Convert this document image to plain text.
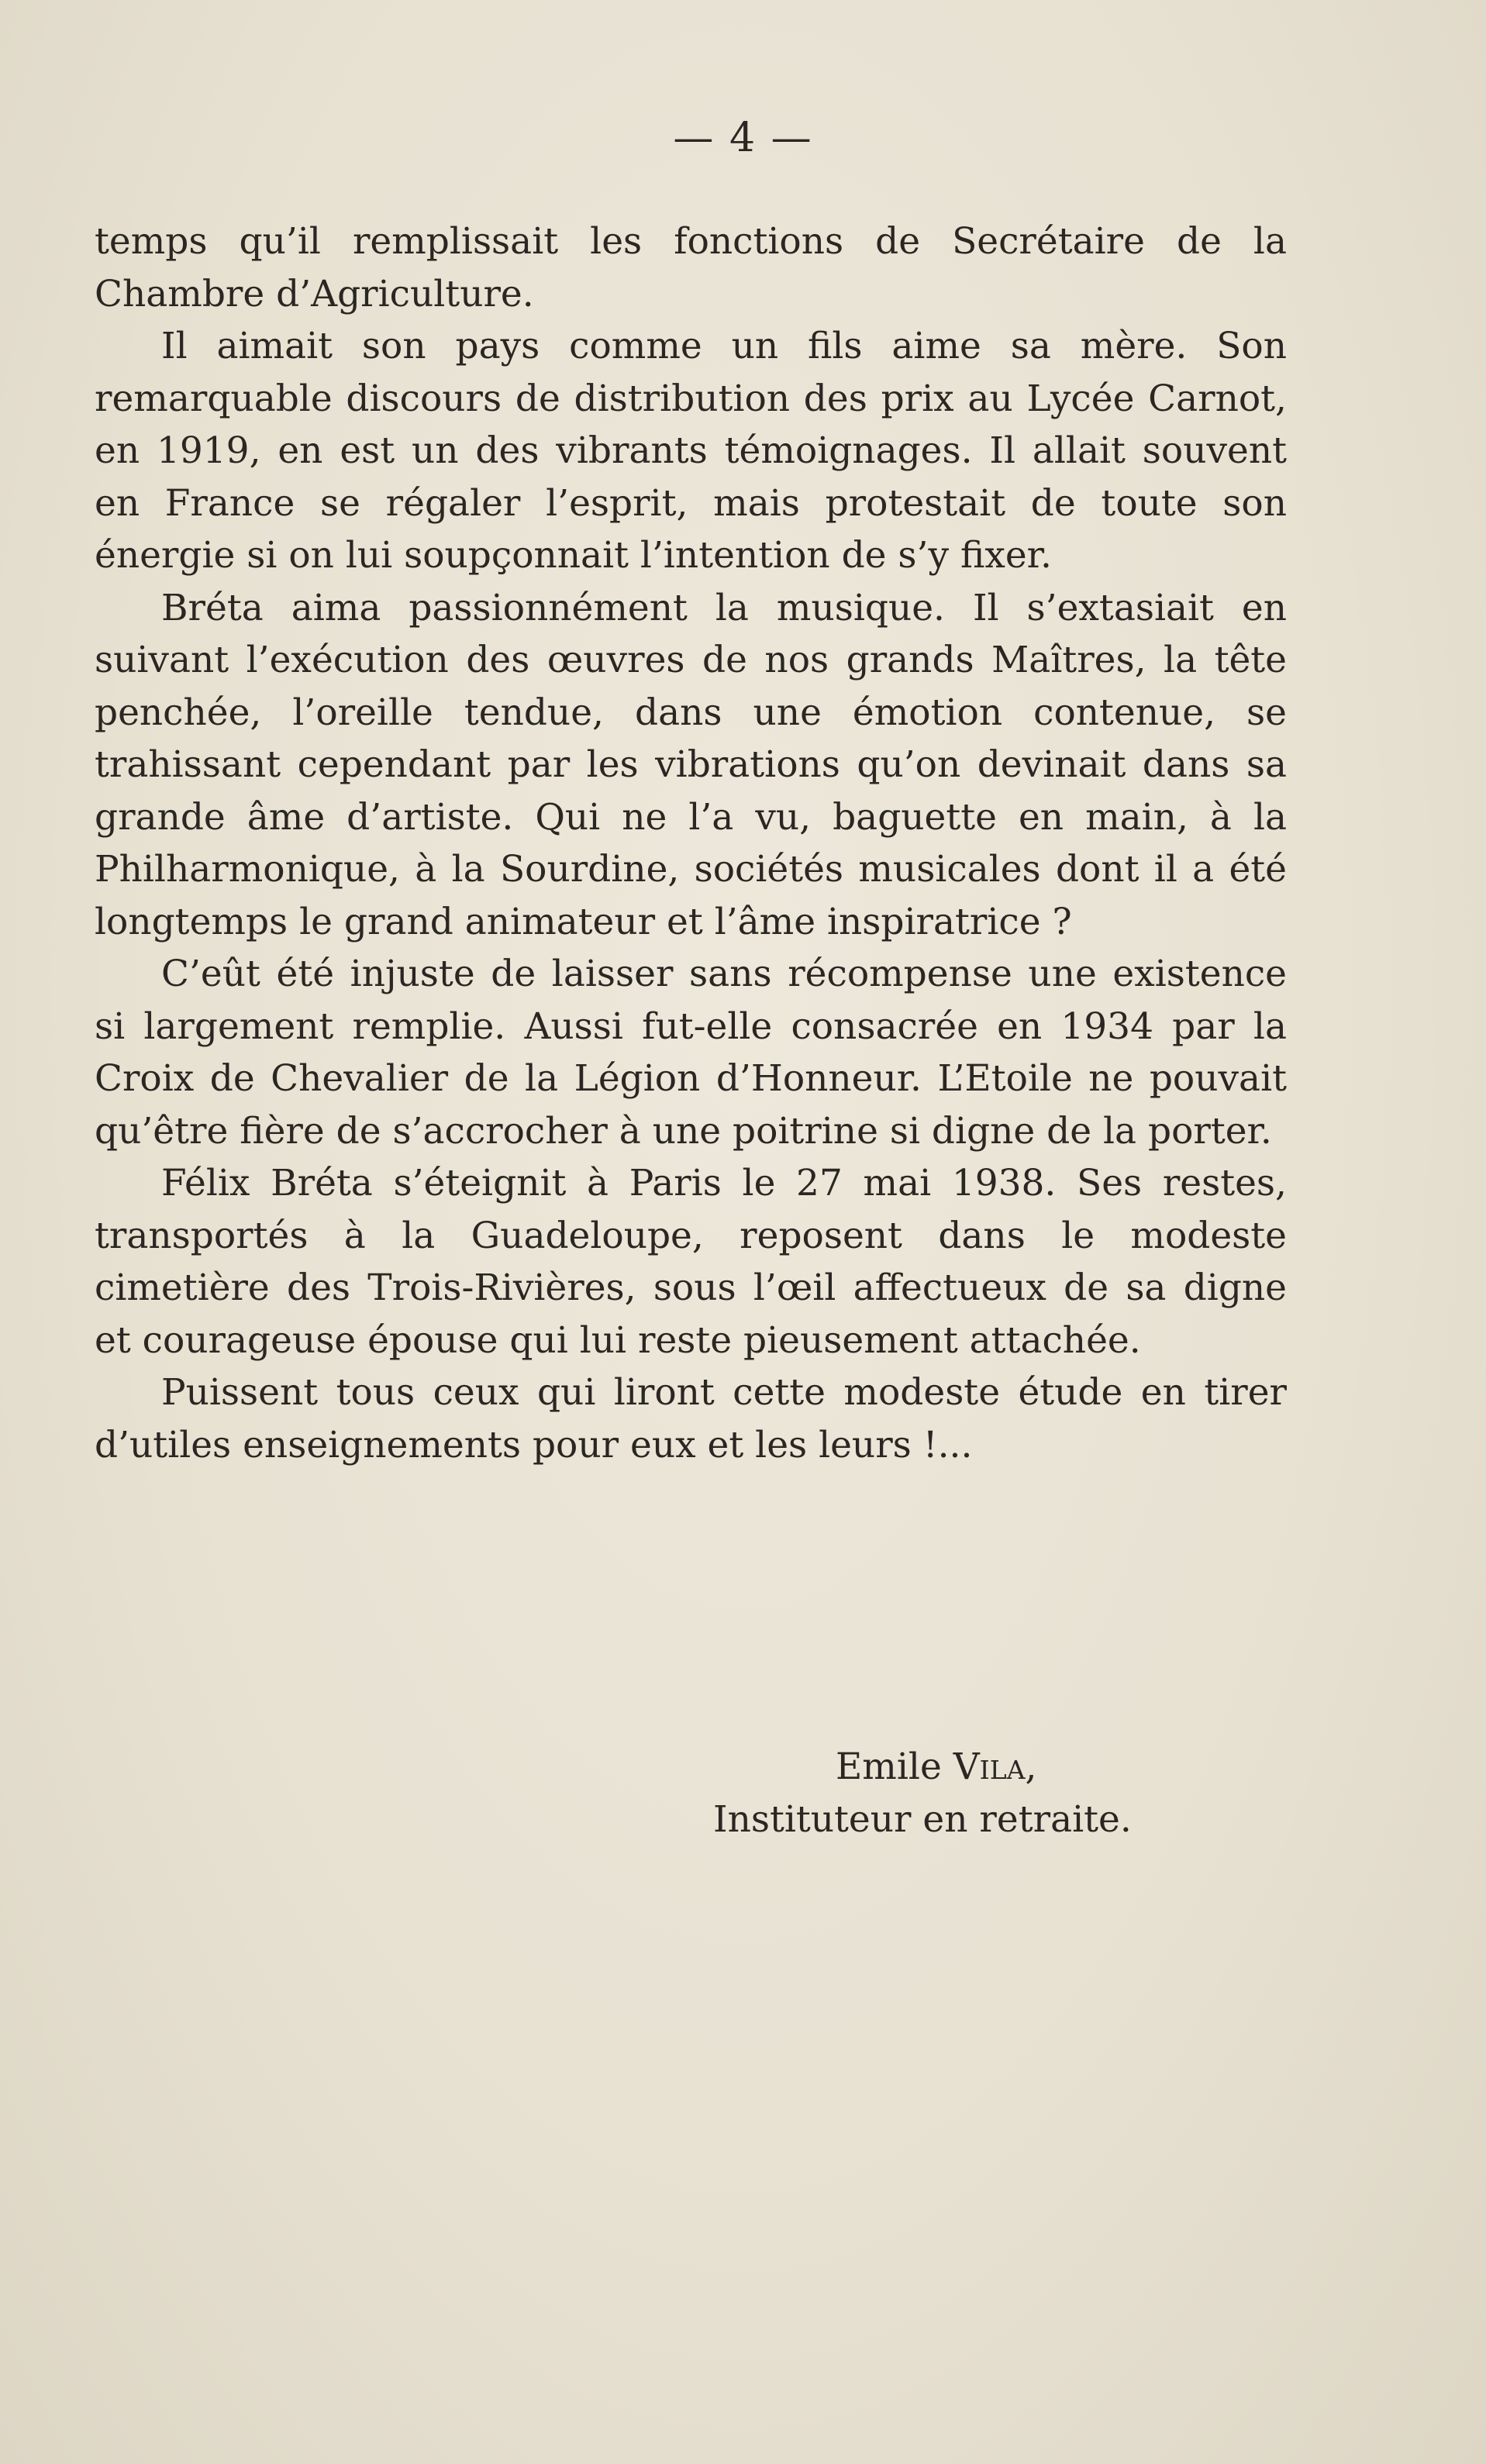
— 4 —

temps qu’il remplissait les fonctions de Secrétaire de la Chambre d’Agriculture.

Il aimait son pays comme un fils aime sa mère. Son remarquable discours de distribution des prix au Lycée Carnot, en 1919, en est un des vibrants témoignages. Il allait souvent en France se régaler l’esprit, mais protestait de toute son énergie si on lui soupçonnait l’intention de s’y fixer.

Bréta aima passionnément la musique. Il s’extasiait en suivant l’exécution des œuvres de nos grands Maîtres, la tête penchée, l’oreille tendue, dans une émotion contenue, se trahissant cependant par les vibrations qu’on devinait dans sa grande âme d’artiste. Qui ne l’a vu, baguette en main, à la Philharmonique, à la Sourdine, sociétés musicales dont il a été longtemps le grand animateur et l’âme inspiratrice ?

C’eût été injuste de laisser sans récompense une existence si largement remplie. Aussi fut-elle consacrée en 1934 par la Croix de Chevalier de la Légion d’Honneur. L’Etoile ne pouvait qu’être fière de s’accrocher à une poitrine si digne de la porter.

Félix Bréta s’éteignit à Paris le 27 mai 1938. Ses restes, transportés à la Guadeloupe, reposent dans le modeste cimetière des Trois-Rivières, sous l’œil affectueux de sa digne et courageuse épouse qui lui reste pieusement attachée.

Puissent tous ceux qui liront cette modeste étude en tirer d’utiles enseignements pour eux et les leurs !...

Emile Vila,
Instituteur en retraite.
